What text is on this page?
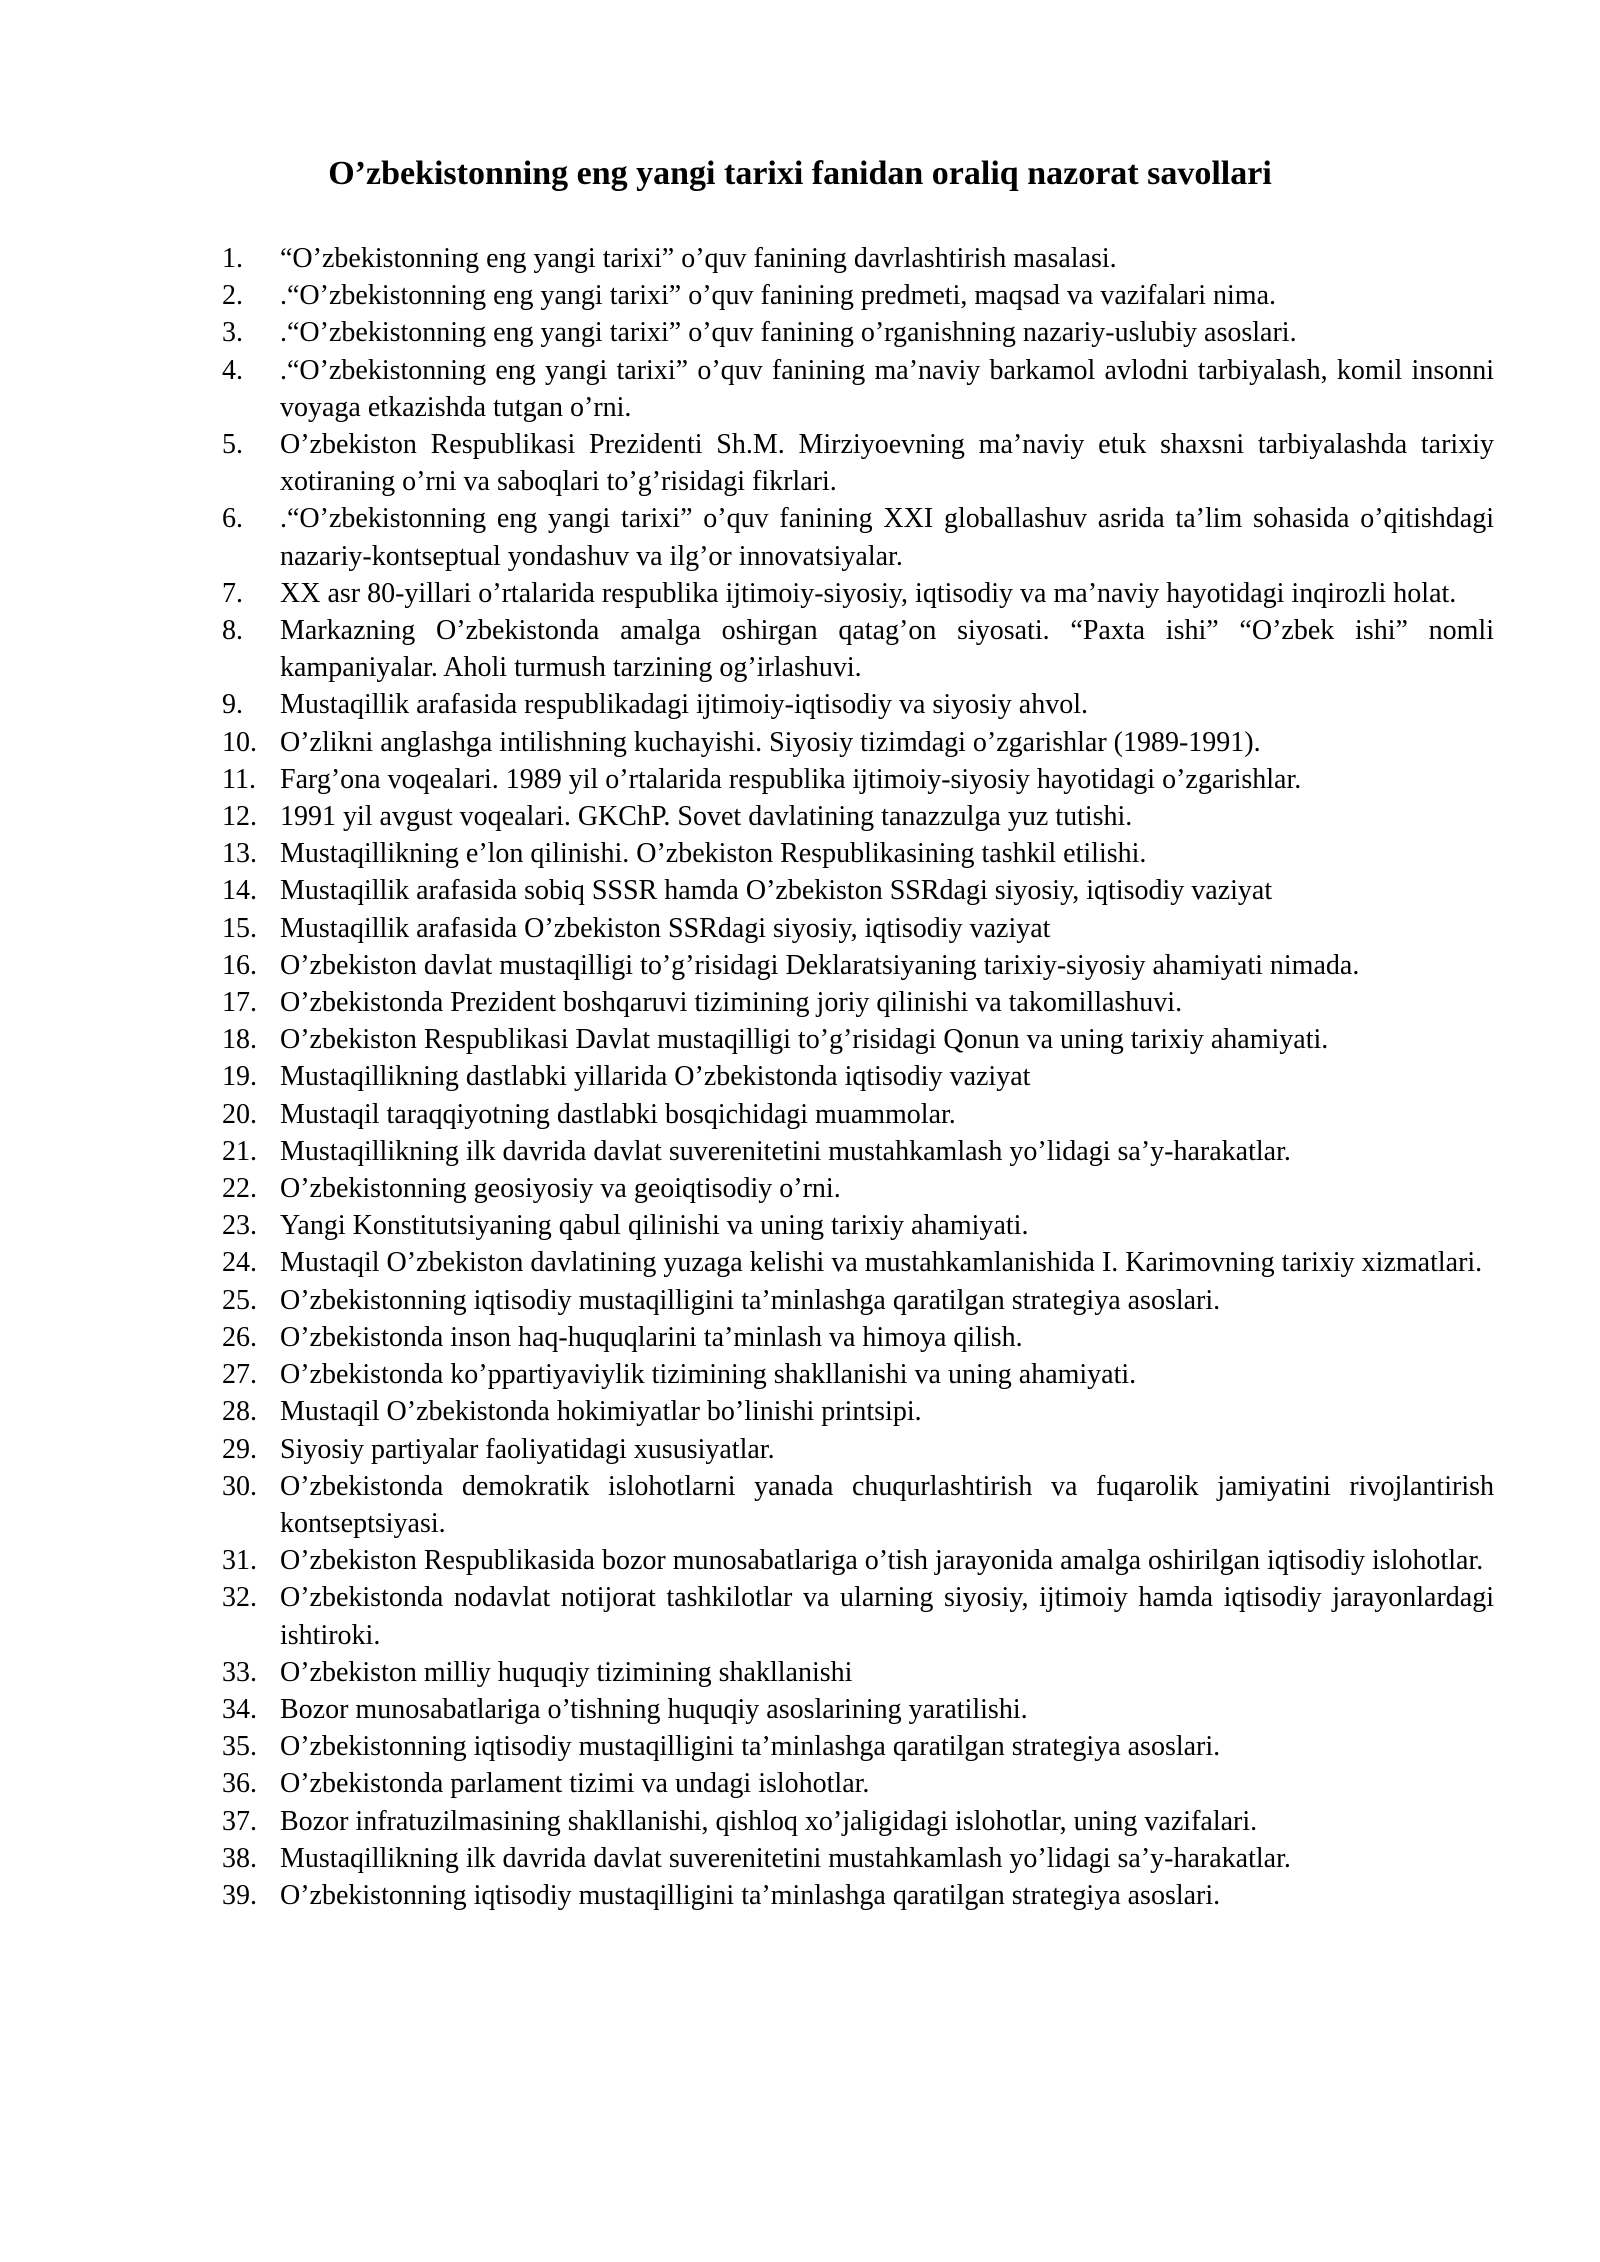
O’zbekistonning eng yangi tarixi fanidan oraliq nazorat savollari
1.	“O’zbekistonning eng yangi tarixi” o’quv fanining davrlashtirish masalasi.
2.	.“O’zbekistonning eng yangi tarixi” o’quv fanining predmeti, maqsad va vazifalari nima.
3.	.“O’zbekistonning eng yangi tarixi” o’quv fanining o’rganishning nazariy-uslubiy asoslari.
4.	.“O’zbekistonning eng yangi tarixi” o’quv fanining ma’naviy barkamol avlodni tarbiyalash, komil insonni voyaga etkazishda tutgan o’rni.
5.	O’zbekiston Respublikasi Prezidenti Sh.M. Mirziyoevning ma’naviy etuk shaxsni tarbiyalashda tarixiy xotiraning o’rni va saboqlari to’g’risidagi fikrlari.
6.	.“O’zbekistonning eng yangi tarixi” o’quv fanining XXI globallashuv asrida ta’lim sohasida o’qitishdagi nazariy-kontseptual yondashuv va ilg’or innovatsiyalar.
7.	XX asr 80-yillari o’rtalarida respublika ijtimoiy-siyosiy, iqtisodiy va ma’naviy hayotidagi inqirozli holat.
8.	Markazning O’zbekistonda amalga oshirgan qatag’on siyosati. “Paxta ishi” “O’zbek ishi” nomli kampaniyalar. Aholi turmush tarzining og’irlashuvi.
9.	Mustaqillik arafasida respublikadagi ijtimoiy-iqtisodiy va siyosiy ahvol.
10. O’zlikni anglashga intilishning kuchayishi. Siyosiy tizimdagi o’zgarishlar (1989-1991).
11. Farg’ona voqealari. 1989 yil o’rtalarida respublika ijtimoiy-siyosiy hayotidagi o’zgarishlar.
12. 1991 yil avgust voqealari. GKChP. Sovet davlatining tanazzulga yuz tutishi.
13. Mustaqillikning e’lon qilinishi. O’zbekiston Respublikasining tashkil etilishi.
14. Mustaqillik arafasida sobiq SSSR hamda O’zbekiston SSRdagi siyosiy, iqtisodiy vaziyat
15. Mustaqillik arafasida O’zbekiston SSRdagi siyosiy, iqtisodiy vaziyat
16. O’zbekiston davlat mustaqilligi to’g’risidagi Deklaratsiyaning tarixiy-siyosiy ahamiyati nimada.
17. O’zbekistonda Prezident boshqaruvi tizimining joriy qilinishi va takomillashuvi.
18. O’zbekiston Respublikasi Davlat mustaqilligi to’g’risidagi Qonun va uning tarixiy ahamiyati.
19. Mustaqillikning dastlabki yillarida O’zbekistonda iqtisodiy vaziyat
20. Mustaqil taraqqiyotning dastlabki bosqichidagi muammolar.
21. Mustaqillikning ilk davrida davlat suverenitetini mustahkamlash yo’lidagi sa’y-harakatlar.
22. O’zbekistonning geosiyosiy va geoiqtisodiy o’rni.
23. Yangi Konstitutsiyaning qabul qilinishi va uning tarixiy ahamiyati.
24. Mustaqil O’zbekiston davlatining yuzaga kelishi va mustahkamlanishida I. Karimovning tarixiy xizmatlari.
25. O’zbekistonning iqtisodiy mustaqilligini ta’minlashga qaratilgan strategiya asoslari.
26. O’zbekistonda inson haq-huquqlarini ta’minlash va himoya qilish.
27. O’zbekistonda ko’ppartiyaviylik tizimining shakllanishi va uning ahamiyati.
28. Mustaqil O’zbekistonda hokimiyatlar bo’linishi printsipi.
29. Siyosiy partiyalar faoliyatidagi xususiyatlar.
30. O’zbekistonda demokratik islohotlarni yanada chuqurlashtirish va fuqarolik jamiyatini rivojlantirish kontseptsiyasi.
31. O’zbekiston Respublikasida bozor munosabatlariga o’tish jarayonida amalga oshirilgan iqtisodiy islohotlar.
32. O’zbekistonda nodavlat notijorat tashkilotlar va ularning siyosiy, ijtimoiy hamda iqtisodiy jarayonlardagi ishtiroki.
33. O’zbekiston milliy huquqiy tizimining shakllanishi
34. Bozor munosabatlariga o’tishning huquqiy asoslarining yaratilishi.
35. O’zbekistonning iqtisodiy mustaqilligini ta’minlashga qaratilgan strategiya asoslari.
36. O’zbekistonda parlament tizimi va undagi islohotlar.
37. Bozor infratuzilmasining shakllanishi, qishloq xo’jaligidagi islohotlar, uning vazifalari.
38. Mustaqillikning ilk davrida davlat suverenitetini mustahkamlash yo’lidagi sa’y-harakatlar.
39. O’zbekistonning iqtisodiy mustaqilligini ta’minlashga qaratilgan strategiya asoslari.
